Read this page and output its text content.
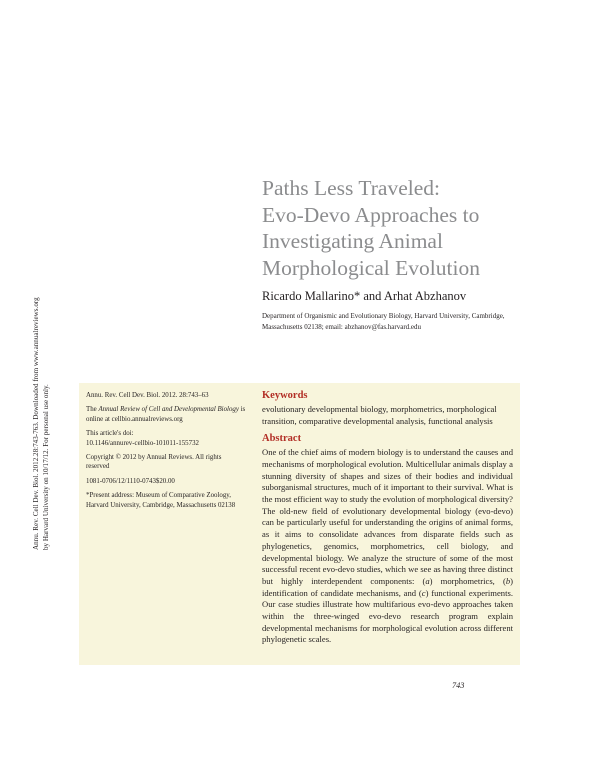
Annu. Rev. Cell Dev. Biol. 2012.28:743-763. Downloaded from www.annualreviews.org by Harvard University on 10/17/12. For personal use only.
Paths Less Traveled:
Evo-Devo Approaches to
Investigating Animal
Morphological Evolution
Ricardo Mallarino* and Arhat Abzhanov
Department of Organismic and Evolutionary Biology, Harvard University, Cambridge, Massachusetts 02138; email: abzhanov@fas.harvard.edu

Annu. Rev. Cell Dev. Biol. 2012. 28:743–63

The Annual Review of Cell and Developmental Biology is online at cellbio.annualreviews.org

This article's doi:
10.1146/annurev-cellbio-101011-155732

Copyright © 2012 by Annual Reviews. All rights reserved

1081-0706/12/1110-0743$20.00

*Present address: Museum of Comparative Zoology, Harvard University, Cambridge, Massachusetts 02138

Keywords

evolutionary developmental biology, morphometrics, morphological transition, comparative developmental analysis, functional analysis

Abstract

One of the chief aims of modern biology is to understand the causes and mechanisms of morphological evolution. Multicellular animals display a stunning diversity of shapes and sizes of their bodies and individual suborganismal structures, much of it important to their survival. What is the most efficient way to study the evolution of morphological diversity? The old-new field of evolutionary developmental biology (evo-devo) can be particularly useful for understanding the origins of animal forms, as it aims to consolidate advances from disparate fields such as phylogenetics, genomics, morphometrics, cell biology, and developmental biology. We analyze the structure of some of the most successful recent evo-devo studies, which we see as having three distinct but highly interdependent components: (a) morphometrics, (b) identification of candidate mechanisms, and (c) functional experiments. Our case studies illustrate how multifarious evo-devo approaches taken within the three-winged evo-devo research program explain developmental mechanisms for morphological evolution across different phylogenetic scales.

743
